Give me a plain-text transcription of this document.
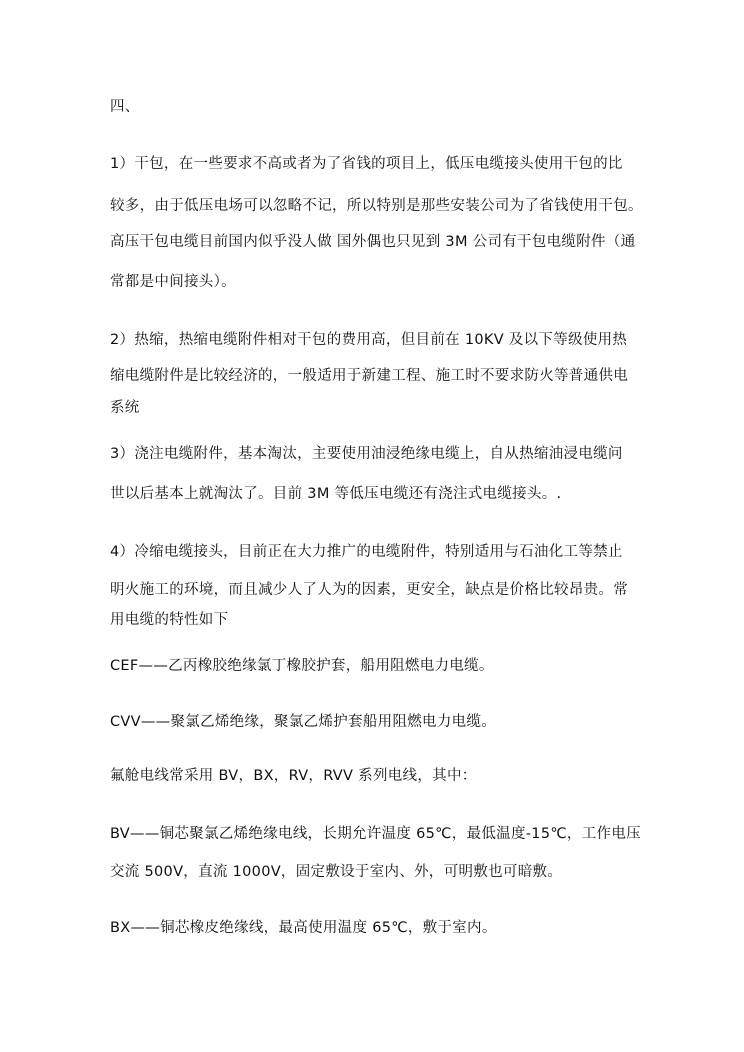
四、
1）干包，在一些要求不高或者为了省钱的项目上，低压电缆接头使用干包的比
较多，由于低压电场可以忽略不记，所以特别是那些安装公司为了省钱使用干包。
高压干包电缆目前国内似乎没人做 国外偶也只见到 3M 公司有干包电缆附件（通
常都是中间接头）。
2）热缩，热缩电缆附件相对干包的费用高，但目前在 10KV 及以下等级使用热
缩电缆附件是比较经济的，一般适用于新建工程、施工时不要求防火等普通供电
系统
3）浇注电缆附件，基本淘汰，主要使用油浸绝缘电缆上，自从热缩油浸电缆问
世以后基本上就淘汰了。目前 3M 等低压电缆还有浇注式电缆接头。.
4）冷缩电缆接头，目前正在大力推广的电缆附件，特别适用与石油化工等禁止
明火施工的环境，而且减少人了人为的因素，更安全，缺点是价格比较昂贵。常
用电缆的特性如下
CEF——乙丙橡胶绝缘氯丁橡胶护套，船用阻燃电力电缆。
CVV——聚氯乙烯绝缘，聚氯乙烯护套船用阻燃电力电缆。
氟舱电线常采用 BV，BX，RV，RVV 系列电线，其中：
BV——铜芯聚氯乙烯绝缘电线，长期允许温度 65℃，最低温度-15℃，工作电压
交流 500V，直流 1000V，固定敷设于室内、外，可明敷也可暗敷。
BX——铜芯橡皮绝缘线，最高使用温度 65℃，敷于室内。
